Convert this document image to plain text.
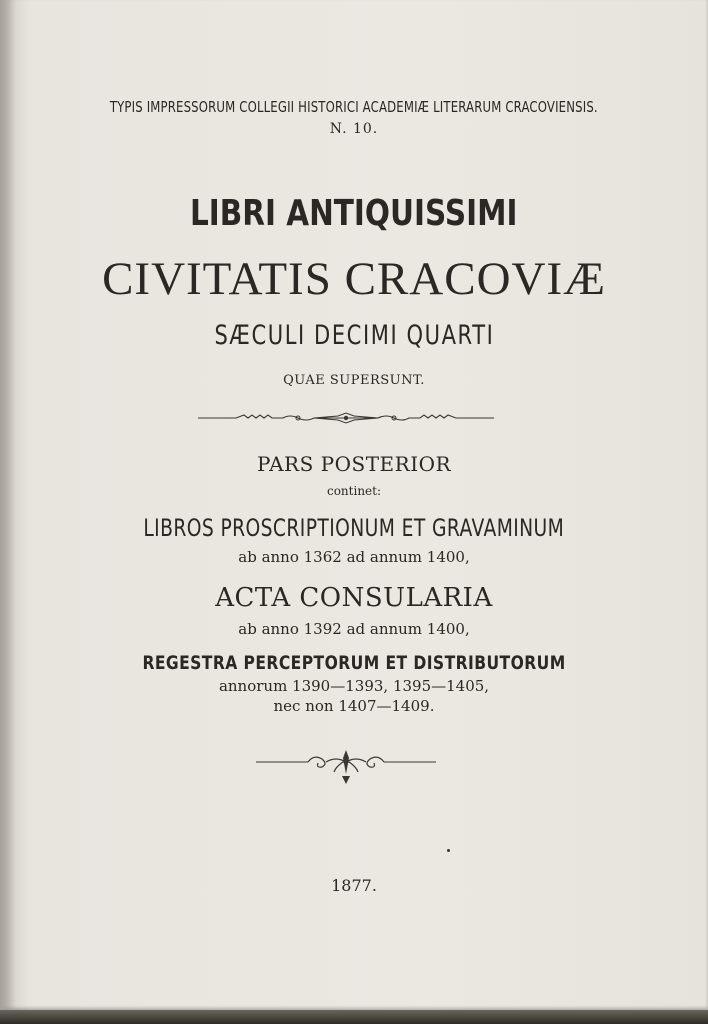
TYPIS IMPRESSORUM COLLEGII HISTORICI ACADEMIÆ LITERARUM CRACOVIENSIS.
N. 10.
LIBRI ANTIQUISSIMI
CIVITATIS CRACOVIÆ
SÆCULI DECIMI QUARTI
QUAE SUPERSUNT.
PARS POSTERIOR
continet:
LIBROS PROSCRIPTIONUM ET GRAVAMINUM
ab anno 1362 ad annum 1400,
ACTA CONSULARIA
ab anno 1392 ad annum 1400,
REGESTRA PERCEPTORUM ET DISTRIBUTORUM
annorum 1390—1393, 1395—1405,
nec non 1407—1409.
1877.
